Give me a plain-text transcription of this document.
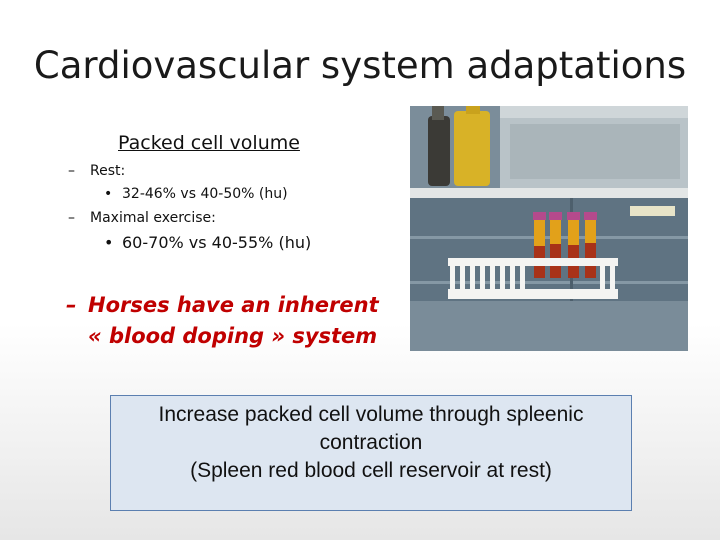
Cardiovascular system adaptations
Packed cell volume
– Rest:
• 32-46% vs 40-50% (hu)
– Maximal exercise:
• 60-70% vs 40-55% (hu)
– Horses have an inherent
« blood doping » system
Increase packed cell volume through spleenic
contraction
(Spleen red blood cell reservoir at rest)
